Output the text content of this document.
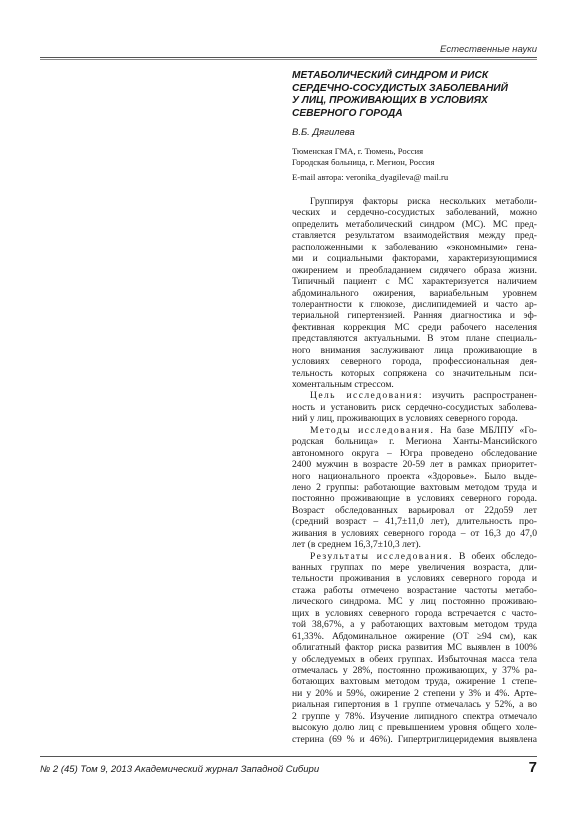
Естественные науки
МЕТАБОЛИЧЕСКИЙ СИНДРОМ И РИСК
СЕРДЕЧНО-СОСУДИСТЫХ ЗАБОЛЕВАНИЙ
У ЛИЦ, ПРОЖИВАЮЩИХ В УСЛОВИЯХ
СЕВЕРНОГО ГОРОДА
В.Б. Дягилева
Тюменская ГМА, г. Тюмень, Россия
Городская больница, г. Мегион, Россия
E-mail автора: veronika_dyagileva@ mail.ru
Группируя факторы риска нескольких метаболи-
ческих и сердечно-сосудистых заболеваний, можно
определить метаболический синдром (МС). МС пред-
ставляется результатом взаимодействия между пред-
расположенными к заболеванию «экономными» гена-
ми и социальными факторами, характеризующимися
ожирением и преобладанием сидячего образа жизни.
Типичный пациент с МС характеризуется наличием
абдоминального ожирения, вариабельным уровнем
толерантности к глюкозе, дислипидемией и часто ар-
териальной гипертензией. Ранняя диагностика и эф-
фективная коррекция МС среди рабочего населения
представляются актуальными. В этом плане специаль-
ного внимания заслуживают лица проживающие в
условиях северного города, профессиональная дея-
тельность которых сопряжена со значительным пси-
хоментальным стрессом.
Цель исследования: изучить распространен-
ность и установить риск сердечно-сосудистых заболева-
ний у лиц, проживающих в условиях северного города.
Методы исследования. На базе МБЛПУ «Го-
родская больница» г. Мегиона Ханты-Мансийского
автономного округа – Югра проведено обследование
2400 мужчин в возрасте 20-59 лет в рамках приоритет-
ного национального проекта «Здоровье». Было выде-
лено 2 группы: работающие вахтовым методом труда и
постоянно проживающие в условиях северного города.
Возраст обследованных варьировал от 22до59 лет
(средний возраст – 41,7±11,0 лет), длительность про-
живания в условиях северного города – от 16,3 до 47,0
лет (в среднем 16,3,7±10,3 лет).
Результаты исследования. В обеих обследо-
ванных группах по мере увеличения возраста, дли-
тельности проживания в условиях северного города и
стажа работы отмечено возрастание частоты метабо-
лического синдрома. МС у лиц постоянно проживаю-
щих в условиях северного города встречается с часто-
той 38,67%, а у работающих вахтовым методом труда
61,33%. Абдоминальное ожирение (ОТ ≥94 см), как
облигатный фактор риска развития МС выявлен в 100%
у обследуемых в обеих группах. Избыточная масса тела
отмечалась у 28%, постоянно проживающих, у 37% ра-
ботающих вахтовым методом труда, ожирение 1 степе-
ни у 20% и 59%, ожирение 2 степени у 3% и 4%. Арте-
риальная гипертония в 1 группе отмечалась у 52%, а во
2 группе у 78%. Изучение липидного спектра отмечало
высокую долю лиц с превышением уровня общего холе-
стерина (69 % и 46%). Гипертриглицеридемия выявлена
№ 2 (45) Том 9, 2013 Академический журнал Западной Сибири	7
